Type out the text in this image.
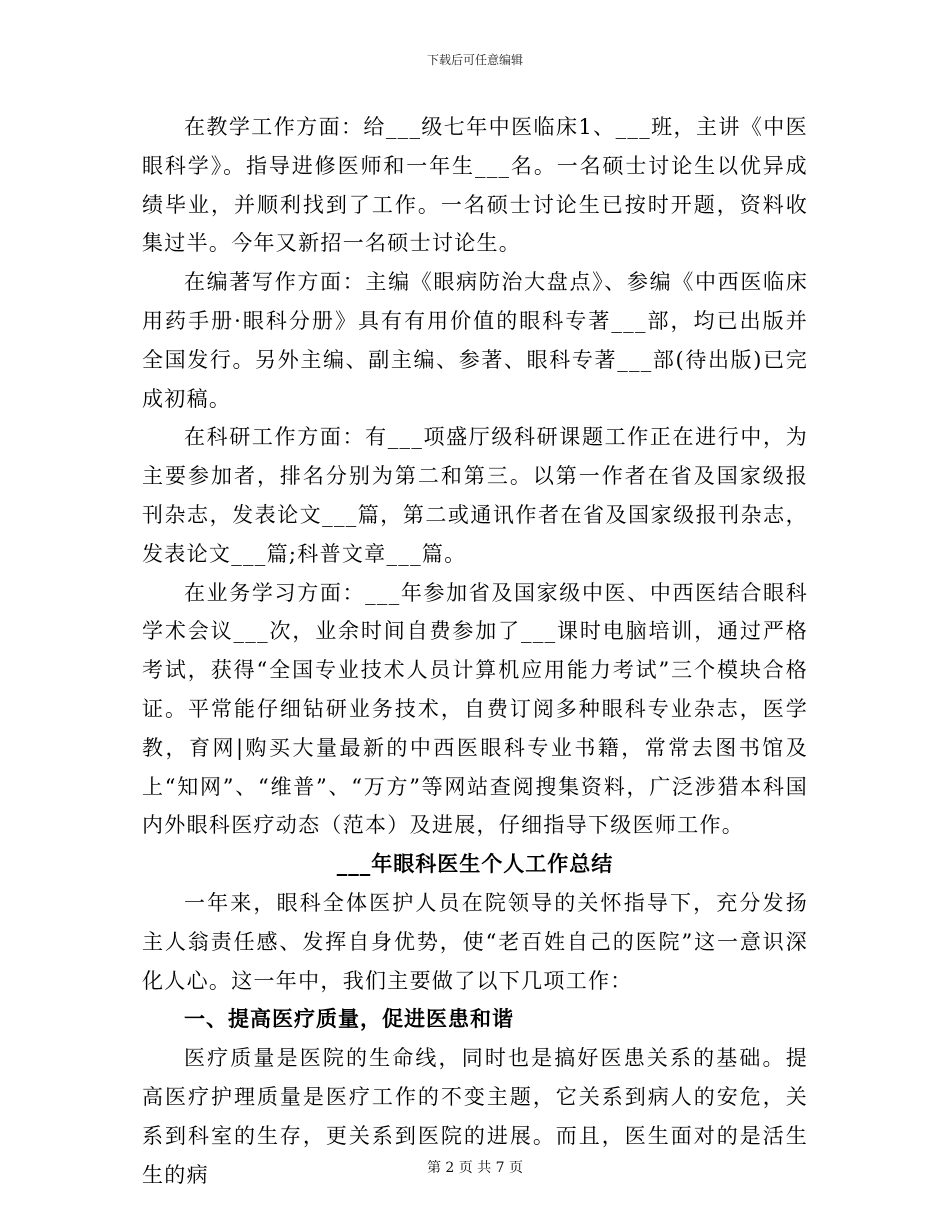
下载后可任意编辑

在教学工作方面：给___级七年中医临床1、___班，主讲《中医眼科学》。指导进修医师和一年生___名。一名硕士讨论生以优异成绩毕业，并顺利找到了工作。一名硕士讨论生已按时开题，资料收集过半。今年又新招一名硕士讨论生。

在编著写作方面：主编《眼病防治大盘点》、参编《中西医临床用药手册·眼科分册》具有有用价值的眼科专著___部，均已出版并全国发行。另外主编、副主编、参著、眼科专著___部(待出版)已完成初稿。

在科研工作方面：有___项盛厅级科研课题工作正在进行中，为主要参加者，排名分别为第二和第三。以第一作者在省及国家级报刊杂志，发表论文___篇，第二或通讯作者在省及国家级报刊杂志，发表论文___篇;科普文章___篇。

在业务学习方面：___年参加省及国家级中医、中西医结合眼科学术会议___次，业余时间自费参加了___课时电脑培训，通过严格考试，获得“全国专业技术人员计算机应用能力考试”三个模块合格证。平常能仔细钻研业务技术，自费订阅多种眼科专业杂志，医学教，育网|购买大量最新的中西医眼科专业书籍，常常去图书馆及上“知网”、“维普”、“万方”等网站查阅搜集资料，广泛涉猎本科国内外眼科医疗动态（范本）及进展，仔细指导下级医师工作。

___年眼科医生个人工作总结

一年来，眼科全体医护人员在院领导的关怀指导下，充分发扬主人翁责任感、发挥自身优势，使“老百姓自己的医院”这一意识深化人心。这一年中，我们主要做了以下几项工作：

一、提高医疗质量，促进医患和谐

医疗质量是医院的生命线，同时也是搞好医患关系的基础。提高医疗护理质量是医疗工作的不变主题，它关系到病人的安危，关系到科室的生存，更关系到医院的进展。而且，医生面对的是活生生的病	第 2 页 共 7 页
